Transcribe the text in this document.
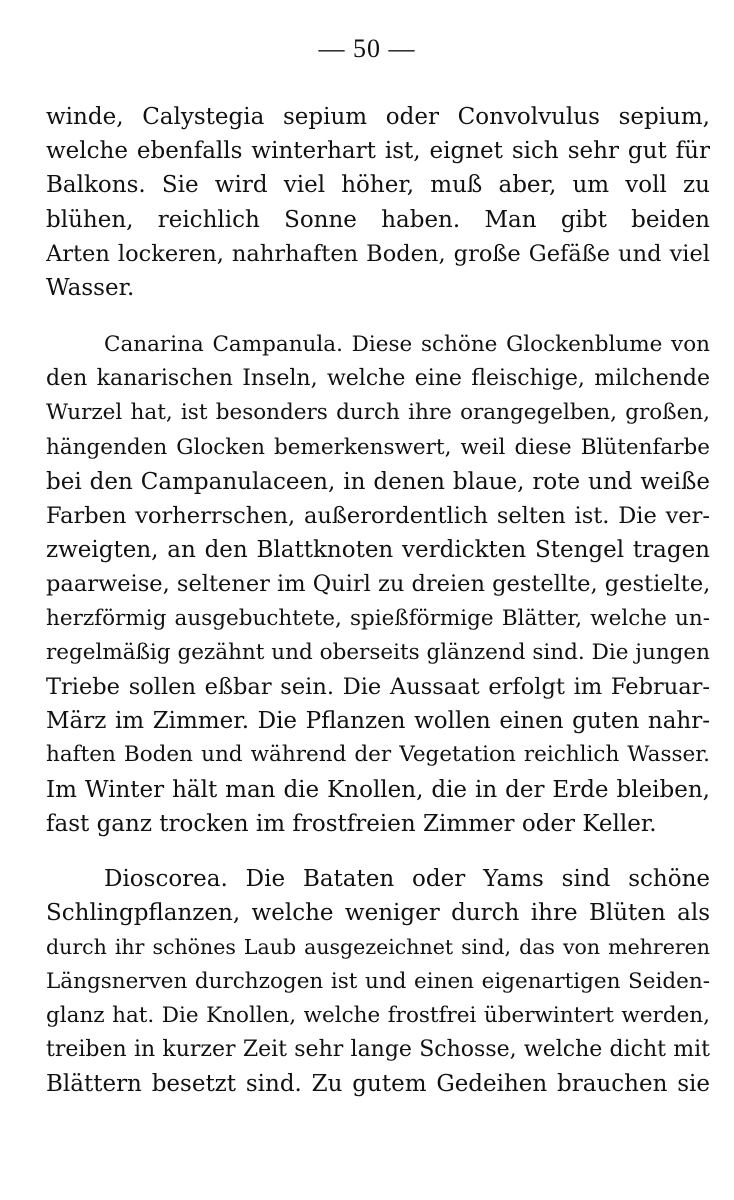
— 50 —
winde, Calystegia sepium oder Convolvulus sepium,
welche ebenfalls winterhart ist, eignet sich sehr gut für
Balkons. Sie wird viel höher, muß aber, um voll zu
blühen, reichlich Sonne haben. Man gibt beiden
Arten lockeren, nahrhaften Boden, große Gefäße und viel
Wasser.
Canarina Campanula. Diese schöne Glockenblume von
den kanarischen Inseln, welche eine fleischige, milchende
Wurzel hat, ist besonders durch ihre orangegelben, großen,
hängenden Glocken bemerkenswert, weil diese Blütenfarbe
bei den Campanulaceen, in denen blaue, rote und weiße
Farben vorherrschen, außerordentlich selten ist. Die ver-
zweigten, an den Blattknoten verdickten Stengel tragen
paarweise, seltener im Quirl zu dreien gestellte, gestielte,
herzförmig ausgebuchtete, spießförmige Blätter, welche un-
regelmäßig gezähnt und oberseits glänzend sind. Die jungen
Triebe sollen eßbar sein. Die Aussaat erfolgt im Februar-
März im Zimmer. Die Pflanzen wollen einen guten nahr-
haften Boden und während der Vegetation reichlich Wasser.
Im Winter hält man die Knollen, die in der Erde bleiben,
fast ganz trocken im frostfreien Zimmer oder Keller.
Dioscorea. Die Bataten oder Yams sind schöne
Schlingpflanzen, welche weniger durch ihre Blüten als
durch ihr schönes Laub ausgezeichnet sind, das von mehreren
Längsnerven durchzogen ist und einen eigenartigen Seiden-
glanz hat. Die Knollen, welche frostfrei überwintert werden,
treiben in kurzer Zeit sehr lange Schosse, welche dicht mit
Blättern besetzt sind. Zu gutem Gedeihen brauchen sie
